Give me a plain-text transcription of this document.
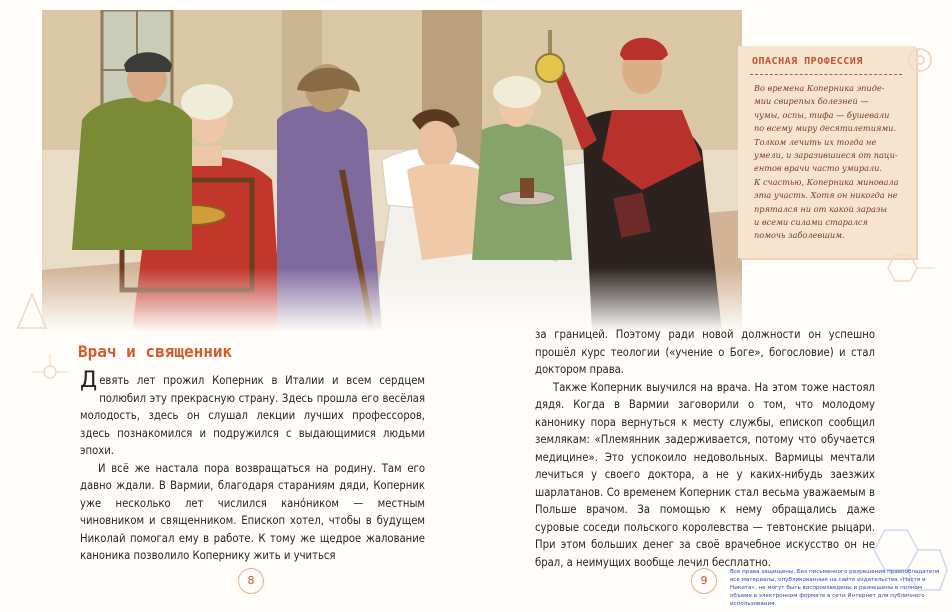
ОПАСНАЯ ПРОФЕССИЯ

Во времена Коперника эпиде-
мии свирепых болезней —
чумы, оспы, тифа — бушевали
по всему миру десятилетиями.
Толком лечить их тогда не
умели, и заразившиеся от паци-
ентов врачи часто умирали.
К счастью, Коперника миновала
эта участь. Хотя он никогда не
прятался ни от какой заразы
и всеми силами старался
помочь заболевшим.

Врач и священник

Девять лет прожил Коперник в Италии и всем сердцем полюбил эту прекрасную страну. Здесь прошла его весёлая молодость, здесь он слушал лекции лучших профессоров, здесь познакомился и подружился с выдающимися людьми эпохи.

И всё же настала пора возвращаться на родину. Там его давно ждали. В Вармии, благодаря стараниям дяди, Коперник уже несколько лет числился кано́ником — местным чиновником и священником. Епископ хотел, чтобы в будущем Николай помогал ему в работе. К тому же щедрое жалование каноника позволило Копернику жить и учиться

8

за границей. Поэтому ради новой должности он успешно прошёл курс теологии («учение о Боге», богословие) и стал доктором права.

Также Коперник выучился на врача. На этом тоже настоял дядя. Когда в Вармии заговорили о том, что молодому канонику пора вернуться к месту службы, епископ сообщил землякам: «Племянник задерживается, потому что обучается медицине». Это успокоило недовольных. Вармицы мечтали лечиться у своего доктора, а не у каких-нибудь заезжих шарлатанов. Со временем Коперник стал весьма уважаемым в Польше врачом. За помощью к нему обращались даже суровые соседи польского королевства — тевтонские рыцари. При этом больших денег за своё врачебное искусство он не брал, а неимущих вообще лечил бесплатно.

9

Все права защищены. Без письменного разрешения правообладателя все материалы, опубликованные на сайте издательства «Настя и Никита», не могут быть воспроизведены и размещены в полном объеме в электронном формате в сети Интернет для публичного использования.
